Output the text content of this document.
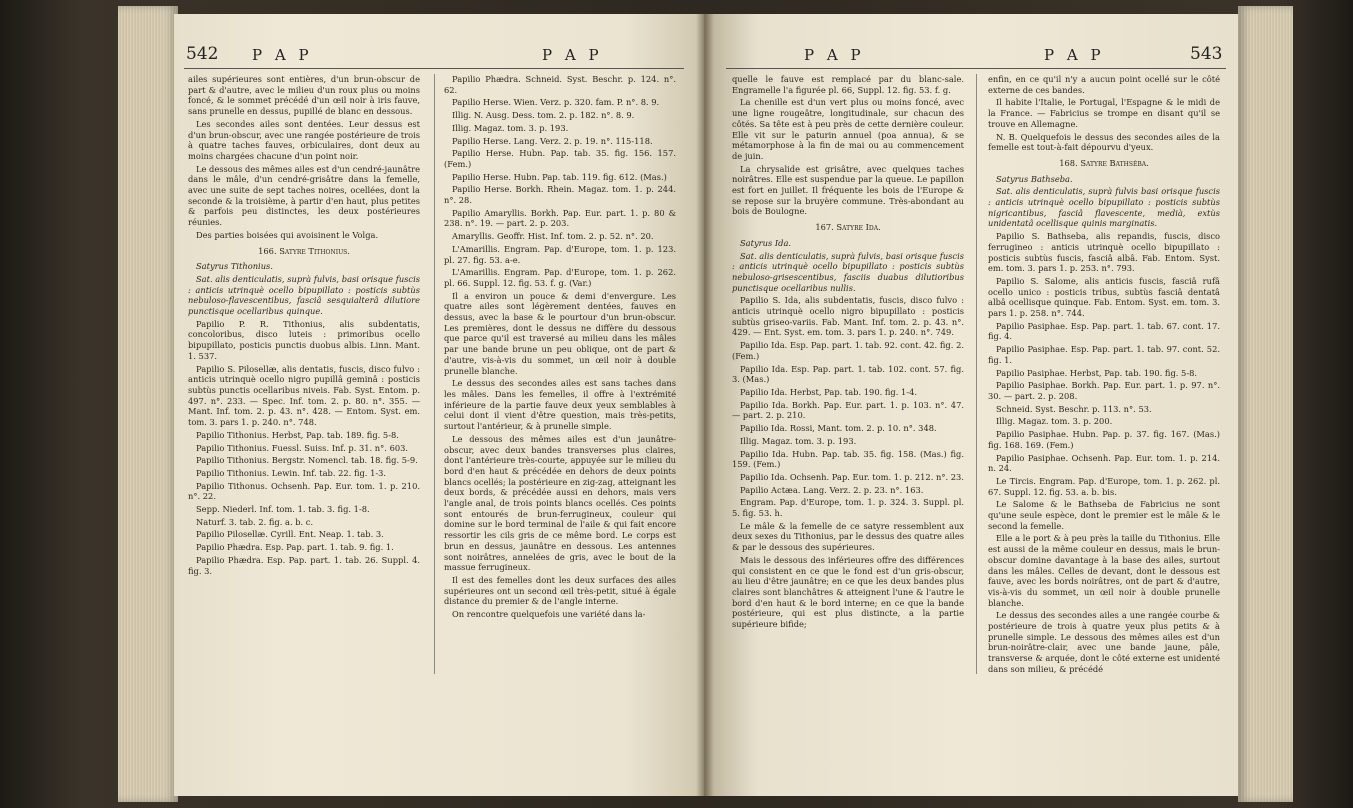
542 P A P	P A P

ailes supérieures sont entières, d'un brun-obscur de part & d'autre, avec le milieu d'un roux plus ou moins foncé, & le sommet précédé d'un œil noir à iris fauve, sans prunelle en dessus, pupillé de blanc en dessous.

Les secondes ailes sont dentées. Leur dessus est d'un brun-obscur, avec une rangée postérieure de trois à quatre taches fauves, orbiculaires, dont deux au moins chargées chacune d'un point noir.

Le dessous des mêmes ailes est d'un cendré-jaunâtre dans le mâle, d'un cendré-grisâtre dans la femelle, avec une suite de sept taches noires, ocellées, dont la seconde & la troisième, à partir d'en haut, plus petites & parfois peu distinctes, les deux postérieures réunies.

Des parties boisées qui avoisinent le Volga.

166. Satyre Tithonius.

Satyrus Tithonius.

Sat. alis denticulatis, suprà fulvis, basi orisque fuscis : anticis utrinquè ocello bipupillato : posticis subtùs nebuloso-flavescentibus, fasciâ sesquialterâ dilutiore punctisque ocellaribus quinque.

Papilio P. R. Tithonius, alis subdentatis, concoloribus, disco luteis : primoribus ocello bipupillato, posticis punctis duobus albis. Linn. Mant. 1. 537.

Papilio S. Pilosellæ, alis dentatis, fuscis, disco fulvo : anticis utrinquè ocello nigro pupillâ geminâ : posticis subtùs punctis ocellaribus niveis. Fab. Syst. Entom. p. 497. n°. 233. — Spec. Inf. tom. 2. p. 80. n°. 355. — Mant. Inf. tom. 2. p. 43. n°. 428. — Entom. Syst. em. tom. 3. pars 1. p. 240. n°. 748.

Papilio Tithonius. Herbst, Pap. tab. 189. fig. 5-8.

Papilio Tithonius. Fuessl. Suiss. Inf. p. 31. n°. 603.

Papilio Tithonius. Bergstr. Nomencl. tab. 18. fig. 5-9.

Papilio Tithonius. Lewin. Inf. tab. 22. fig. 1-3.

Papilio Tithonus. Ochsenh. Pap. Eur. tom. 1. p. 210. n°. 22.

Sepp. Niederl. Inf. tom. 1. tab. 3. fig. 1-8.

Naturf. 3. tab. 2. fig. a. b. c.

Papilio Pilosellæ. Cyrill. Ent. Neap. 1. tab. 3.

Papilio Phædra. Esp. Pap. part. 1. tab. 9. fig. 1.

Papilio Phædra. Esp. Pap. part. 1. tab. 26. Suppl. 4. fig. 3.

Papilio Phædra. Schneid. Syst. Beschr. p. 124. n°. 62.

Papilio Herse. Wien. Verz. p. 320. fam. P. n°. 8. 9.

Illig. N. Ausg. Dess. tom. 2. p. 182. n°. 8. 9.

Illig. Magaz. tom. 3. p. 193.

Papilio Herse. Lang. Verz. 2. p. 19. n°. 115-118.

Papilio Herse. Hubn. Pap. tab. 35. fig. 156. 157. (Fem.)

Papilio Herse. Hubn. Pap. tab. 119. fig. 612. (Mas.)

Papilio Herse. Borkh. Rhein. Magaz. tom. 1. p. 244. n°. 28.

Papilio Amaryllis. Borkh. Pap. Eur. part. 1. p. 80 & 238. n°. 19. — part. 2. p. 203.

Amaryllis. Geoffr. Hist. Inf. tom. 2. p. 52. n°. 20.

L'Amarillis. Engram. Pap. d'Europe, tom. 1. p. 123. pl. 27. fig. 53. a-e.

L'Amarillis. Engram. Pap. d'Europe, tom. 1. p. 262. pl. 66. Suppl. 12. fig. 53. f. g. (Var.)

Il a environ un pouce & demi d'envergure. Les quatre ailes sont légèrement dentées, fauves en dessus, avec la base & le pourtour d'un brun-obscur. Les premières, dont le dessus ne diffère du dessous que parce qu'il est traversé au milieu dans les mâles par une bande brune un peu oblique, ont de part & d'autre, vis-à-vis du sommet, un œil noir à double prunelle blanche.

Le dessus des secondes ailes est sans taches dans les mâles. Dans les femelles, il offre à l'extrémité inférieure de la partie fauve deux yeux semblables à celui dont il vient d'être question, mais très-petits, surtout l'antérieur, & à prunelle simple.

Le dessous des mêmes ailes est d'un jaunâtre-obscur, avec deux bandes transverses plus claires, dont l'antérieure très-courte, appuyée sur le milieu du bord d'en haut & précédée en dehors de deux points blancs ocellés; la postérieure en zig-zag, atteignant les deux bords, & précédée aussi en dehors, mais vers l'angle anal, de trois points blancs ocellés. Ces points sont entourés de brun-ferrugineux, couleur qui domine sur le bord terminal de l'aile & qui fait encore ressortir les cils gris de ce même bord. Le corps est brun en dessus, jaunâtre en dessous. Les antennes sont noirâtres, annelées de gris, avec le bout de la massue ferrugineux.

Il est des femelles dont les deux surfaces des ailes supérieures ont un second œil très-petit, situé à égale distance du premier & de l'angle interne.

On rencontre quelquefois une variété dans la-

P A P	P A P	543

quelle le fauve est remplacé par du blanc-sale. Engramelle l'a figurée pl. 66, Suppl. 12. fig. 53. f. g.

La chenille est d'un vert plus ou moins foncé, avec une ligne rougeâtre, longitudinale, sur chacun des côtés. Sa tête est à peu près de cette dernière couleur. Elle vit sur le paturin annuel (poa annua), & se métamorphose à la fin de mai ou au commencement de juin.

La chrysalide est grisâtre, avec quelques taches noirâtres. Elle est suspendue par la queue. Le papillon est fort en juillet. Il fréquente les bois de l'Europe & se repose sur la bruyère commune. Très-abondant au bois de Boulogne.

167. Satyre Ida.

Satyrus Ida.

Sat. alis denticulatis, suprà fulvis, basi orisque fuscis : anticis utrinquè ocello bipupillato : posticis subtùs nebuloso-grisescentibus, fasciis duabus dilutioribus punctisque ocellaribus nullis.

Papilio S. Ida, alis subdentatis, fuscis, disco fulvo : anticis utrinquè ocello nigro bipupillato : posticis subtùs griseo-variis. Fab. Mant. Inf. tom. 2. p. 43. n°. 429. — Ent. Syst. em. tom. 3. pars 1. p. 240. n°. 749.

Papilio Ida. Esp. Pap. part. 1. tab. 92. cont. 42. fig. 2. (Fem.)

Papilio Ida. Esp. Pap. part. 1. tab. 102. cont. 57. fig. 3. (Mas.)

Papilio Ida. Herbst, Pap. tab. 190. fig. 1-4.

Papilio Ida. Borkh. Pap. Eur. part. 1. p. 103. n°. 47. — part. 2. p. 210.

Papilio Ida. Rossi, Mant. tom. 2. p. 10. n°. 348.

Illig. Magaz. tom. 3. p. 193.

Papilio Ida. Hubn. Pap. tab. 35. fig. 158. (Mas.) fig. 159. (Fem.)

Papilio Ida. Ochsenh. Pap. Eur. tom. 1. p. 212. n°. 23.

Papilio Actæa. Lang. Verz. 2. p. 23. n°. 163.

Engram. Pap. d'Europe, tom. 1. p. 324. 3. Suppl. pl. 5. fig. 53. h.

Le mâle & la femelle de ce satyre ressemblent aux deux sexes du Tithonius, par le dessus des quatre ailes & par le dessous des supérieures.

Mais le dessous des inférieures offre des différences qui consistent en ce que le fond est d'un gris-obscur, au lieu d'être jaunâtre; en ce que les deux bandes plus claires sont blanchâtres & atteignent l'une & l'autre le bord d'en haut & le bord interne; en ce que la bande postérieure, qui est plus distincte, a la partie supérieure bifide;

enfin, en ce qu'il n'y a aucun point ocellé sur le côté externe de ces bandes.

Il habite l'Italie, le Portugal, l'Espagne & le midi de la France. — Fabricius se trompe en disant qu'il se trouve en Allemagne.

N. B. Quelquefois le dessus des secondes ailes de la femelle est tout-à-fait dépourvu d'yeux.

168. Satyre Bathséba.

Satyrus Bathseba.

Sat. alis denticulatis, suprà fulvis basi orisque fuscis : anticis utrinquè ocello bipupillato : posticis subtùs nigricantibus, fasciâ flavescente, medià, extùs unidentatâ ocellisque quinis marginatis.

Papilio S. Bathseba, alis repandis, fuscis, disco ferrugineo : anticis utrinquè ocello bipupillato : posticis subtùs fuscis, fasciâ albâ. Fab. Entom. Syst. em. tom. 3. pars 1. p. 253. n°. 793.

Papilio S. Salome, alis anticis fuscis, fasciâ rufâ ocello unico : posticis tribus, subtùs fasciâ dentatâ albâ ocellisque quinque. Fab. Entom. Syst. em. tom. 3. pars 1. p. 258. n°. 744.

Papilio Pasiphae. Esp. Pap. part. 1. tab. 67. cont. 17. fig. 4.

Papilio Pasiphae. Esp. Pap. part. 1. tab. 97. cont. 52. fig. 1.

Papilio Pasiphae. Herbst, Pap. tab. 190. fig. 5-8.

Papilio Pasiphae. Borkh. Pap. Eur. part. 1. p. 97. n°. 30. — part. 2. p. 208.

Schneid. Syst. Beschr. p. 113. n°. 53.

Illig. Magaz. tom. 3. p. 200.

Papilio Pasiphae. Hubn. Pap. p. 37. fig. 167. (Mas.) fig. 168. 169. (Fem.)

Papilio Pasiphae. Ochsenh. Pap. Eur. tom. 1. p. 214. n. 24.

Le Tircis. Engram. Pap. d'Europe, tom. 1. p. 262. pl. 67. Suppl. 12. fig. 53. a. b. bis.

Le Salome & le Bathseba de Fabricius ne sont qu'une seule espèce, dont le premier est le mâle & le second la femelle.

Elle a le port & à peu près la taille du Tithonius. Elle est aussi de la même couleur en dessus, mais le brun-obscur domine davantage à la base des ailes, surtout dans les mâles. Celles de devant, dont le dessous est fauve, avec les bords noirâtres, ont de part & d'autre, vis-à-vis du sommet, un œil noir à double prunelle blanche.

Le dessus des secondes ailes a une rangée courbe & postérieure de trois à quatre yeux plus petits & à prunelle simple. Le dessous des mêmes ailes est d'un brun-noirâtre-clair, avec une bande jaune, pâle, transverse & arquée, dont le côté externe est unidenté dans son milieu, & précédé
